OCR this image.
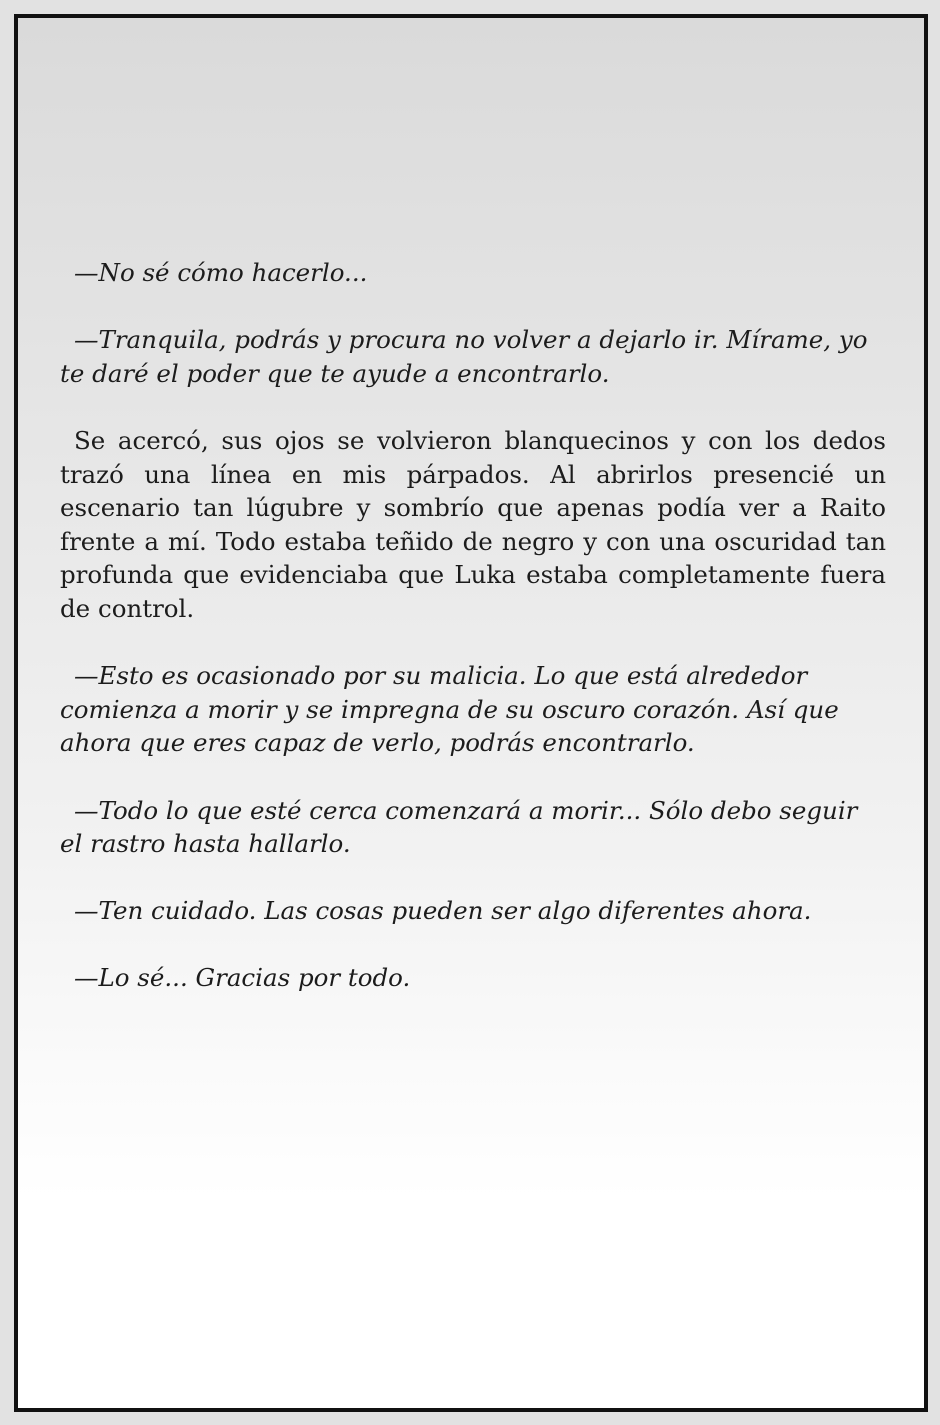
—No sé cómo hacerlo...

—Tranquila, podrás y procura no volver a dejarlo ir. Mírame, yo te daré el poder que te ayude a encontrarlo.

Se acercó, sus ojos se volvieron blanquecinos y con los dedos trazó una línea en mis párpados. Al abrirlos presencié un escenario tan lúgubre y sombrío que apenas podía ver a Raito frente a mí. Todo estaba teñido de negro y con una oscuridad tan profunda que evidenciaba que Luka estaba completamente fuera de control.

—Esto es ocasionado por su malicia. Lo que está alrededor comienza a morir y se impregna de su oscuro corazón. Así que ahora que eres capaz de verlo, podrás encontrarlo.

—Todo lo que esté cerca comenzará a morir... Sólo debo seguir el rastro hasta hallarlo.

—Ten cuidado. Las cosas pueden ser algo diferentes ahora.

—Lo sé... Gracias por todo.
